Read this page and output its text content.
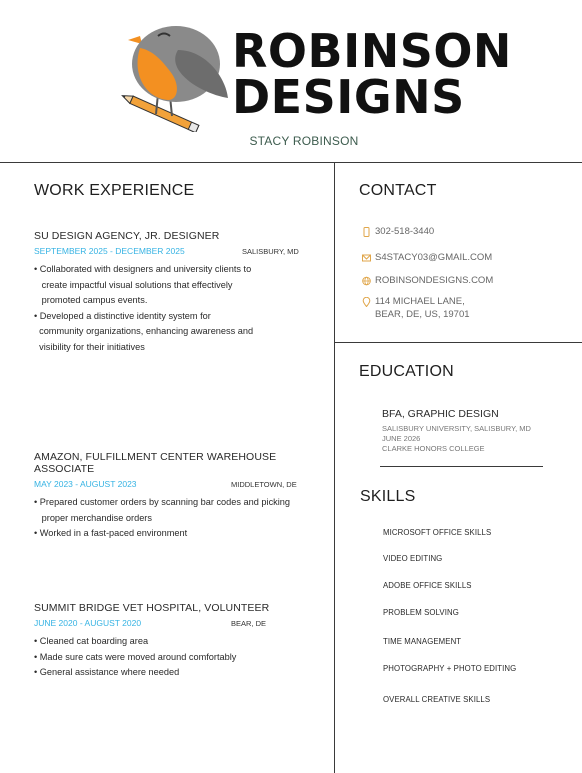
ROBINSON
DESIGNS
STACY ROBINSON
WORK EXPERIENCE
SU DESIGN AGENCY, JR. DESIGNER
SEPTEMBER 2025 - DECEMBER 2025	SALISBURY, MD
• Collaborated with designers and university clients to
create impactful visual solutions that effectively
promoted campus events.
• Developed a distinctive identity system for
community organizations, enhancing awareness and
visibility for their initiatives
AMAZON, FULFILLMENT CENTER WAREHOUSE ASSOCIATE
MAY 2023 - AUGUST 2023	MIDDLETOWN, DE
• Prepared customer orders by scanning bar codes and picking
proper merchandise orders
• Worked in a fast-paced environment
SUMMIT BRIDGE VET HOSPITAL, VOLUNTEER
JUNE 2020 - AUGUST 2020	BEAR, DE
• Cleaned cat boarding area
• Made sure cats were moved around comfortably
• General assistance where needed
CONTACT
302-518-3440
S4STACY03@GMAIL.COM
ROBINSONDESIGNS.COM
114 MICHAEL LANE,
BEAR, DE, US, 19701
EDUCATION
BFA, GRAPHIC DESIGN
SALISBURY UNIVERSITY, SALISBURY, MD
JUNE 2026
CLARKE HONORS COLLEGE
SKILLS
MICROSOFT OFFICE SKILLS
VIDEO EDITING
ADOBE OFFICE SKILLS
PROBLEM SOLVING
TIME MANAGEMENT
PHOTOGRAPHY + PHOTO EDITING
OVERALL CREATIVE SKILLS
